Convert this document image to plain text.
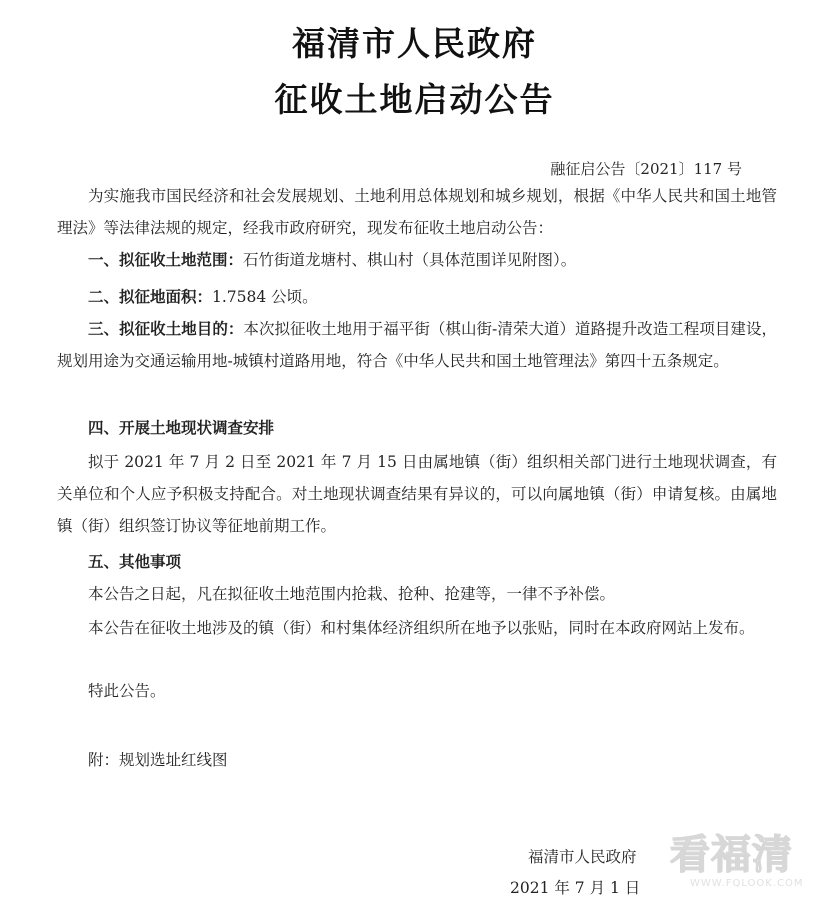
福清市人民政府
征收土地启动公告
融征启公告〔2021〕117 号

为实施我市国民经济和社会发展规划、土地利用总体规划和城乡规划，根据《中华人民共和国土地管理法》等法律法规的规定，经我市政府研究，现发布征收土地启动公告：

一、拟征收土地范围：石竹街道龙塘村、棋山村（具体范围详见附图）。

二、拟征地面积：1.7584 公顷。

三、拟征收土地目的：本次拟征收土地用于福平街（棋山街-清荣大道）道路提升改造工程项目建设，规划用途为交通运输用地-城镇村道路用地，符合《中华人民共和国土地管理法》第四十五条规定。

四、开展土地现状调查安排

拟于 2021 年 7 月 2 日至 2021 年 7 月 15 日由属地镇（街）组织相关部门进行土地现状调查，有关单位和个人应予积极支持配合。对土地现状调查结果有异议的，可以向属地镇（街）申请复核。由属地镇（街）组织签订协议等征地前期工作。

五、其他事项

本公告之日起，凡在拟征收土地范围内抢栽、抢种、抢建等，一律不予补偿。

本公告在征收土地涉及的镇（街）和村集体经济组织所在地予以张贴，同时在本政府网站上发布。

特此公告。

附：规划选址红线图

福清市人民政府
2021 年 7 月 1 日
看福清
WWW.FQLOOK.COM
